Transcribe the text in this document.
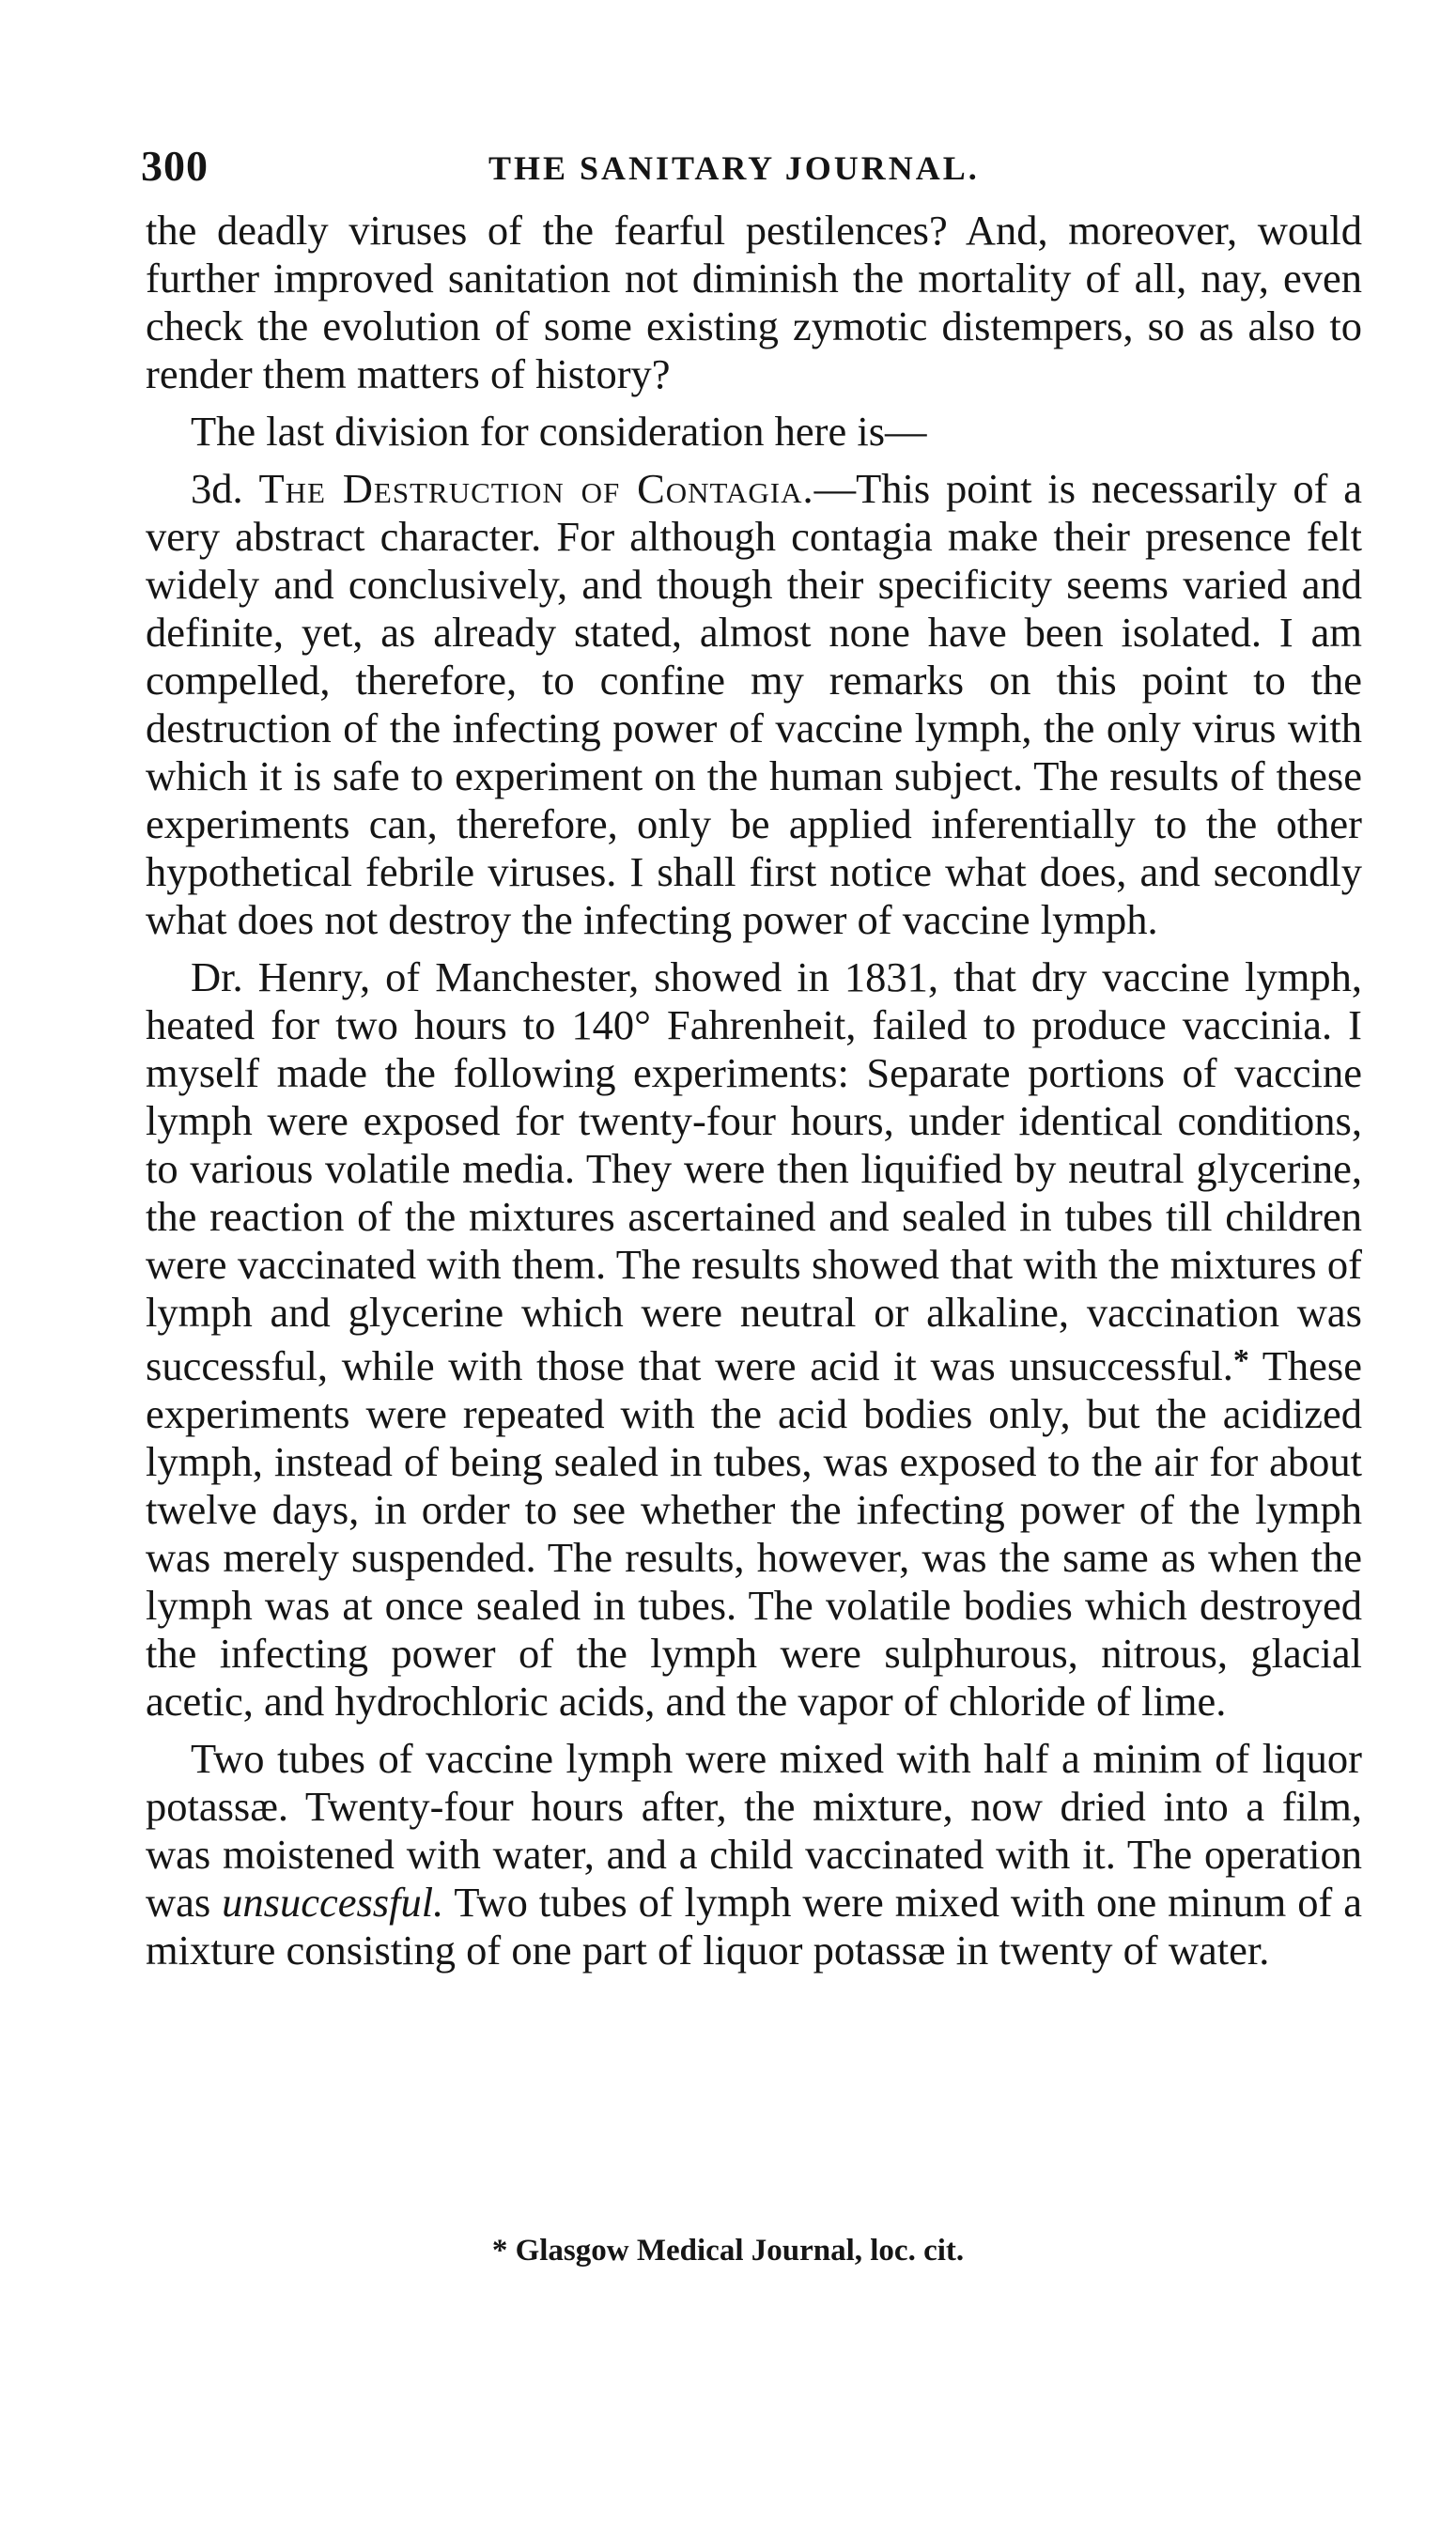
300	THE SANITARY JOURNAL.

the deadly viruses of the fearful pestilences? And, moreover, would further improved sanitation not diminish the mortality of all, nay, even check the evolution of some existing zymotic distempers, so as also to render them matters of history?

The last division for consideration here is—

3d. The Destruction of Contagia.—This point is necessarily of a very abstract character. For although contagia make their presence felt widely and conclusively, and though their specificity seems varied and definite, yet, as already stated, almost none have been isolated. I am compelled, therefore, to confine my remarks on this point to the destruction of the infecting power of vaccine lymph, the only virus with which it is safe to experiment on the human subject. The results of these experiments can, therefore, only be applied inferentially to the other hypothetical febrile viruses. I shall first notice what does, and secondly what does not destroy the infecting power of vaccine lymph.

Dr. Henry, of Manchester, showed in 1831, that dry vaccine lymph, heated for two hours to 140° Fahrenheit, failed to produce vaccinia. I myself made the following experiments: Separate portions of vaccine lymph were exposed for twenty-four hours, under identical conditions, to various volatile media. They were then liquified by neutral glycerine, the reaction of the mixtures ascertained and sealed in tubes till children were vaccinated with them. The results showed that with the mixtures of lymph and glycerine which were neutral or alkaline, vaccination was successful, while with those that were acid it was unsuccessful.* These experiments were repeated with the acid bodies only, but the acidized lymph, instead of being sealed in tubes, was exposed to the air for about twelve days, in order to see whether the infecting power of the lymph was merely suspended. The results, however, was the same as when the lymph was at once sealed in tubes. The volatile bodies which destroyed the infecting power of the lymph were sulphurous, nitrous, glacial acetic, and hydrochloric acids, and the vapor of chloride of lime.

Two tubes of vaccine lymph were mixed with half a minim of liquor potassæ. Twenty-four hours after, the mixture, now dried into a film, was moistened with water, and a child vaccinated with it. The operation was unsuccessful. Two tubes of lymph were mixed with one minum of a mixture consisting of one part of liquor potassæ in twenty of water.

* Glasgow Medical Journal, loc. cit.
